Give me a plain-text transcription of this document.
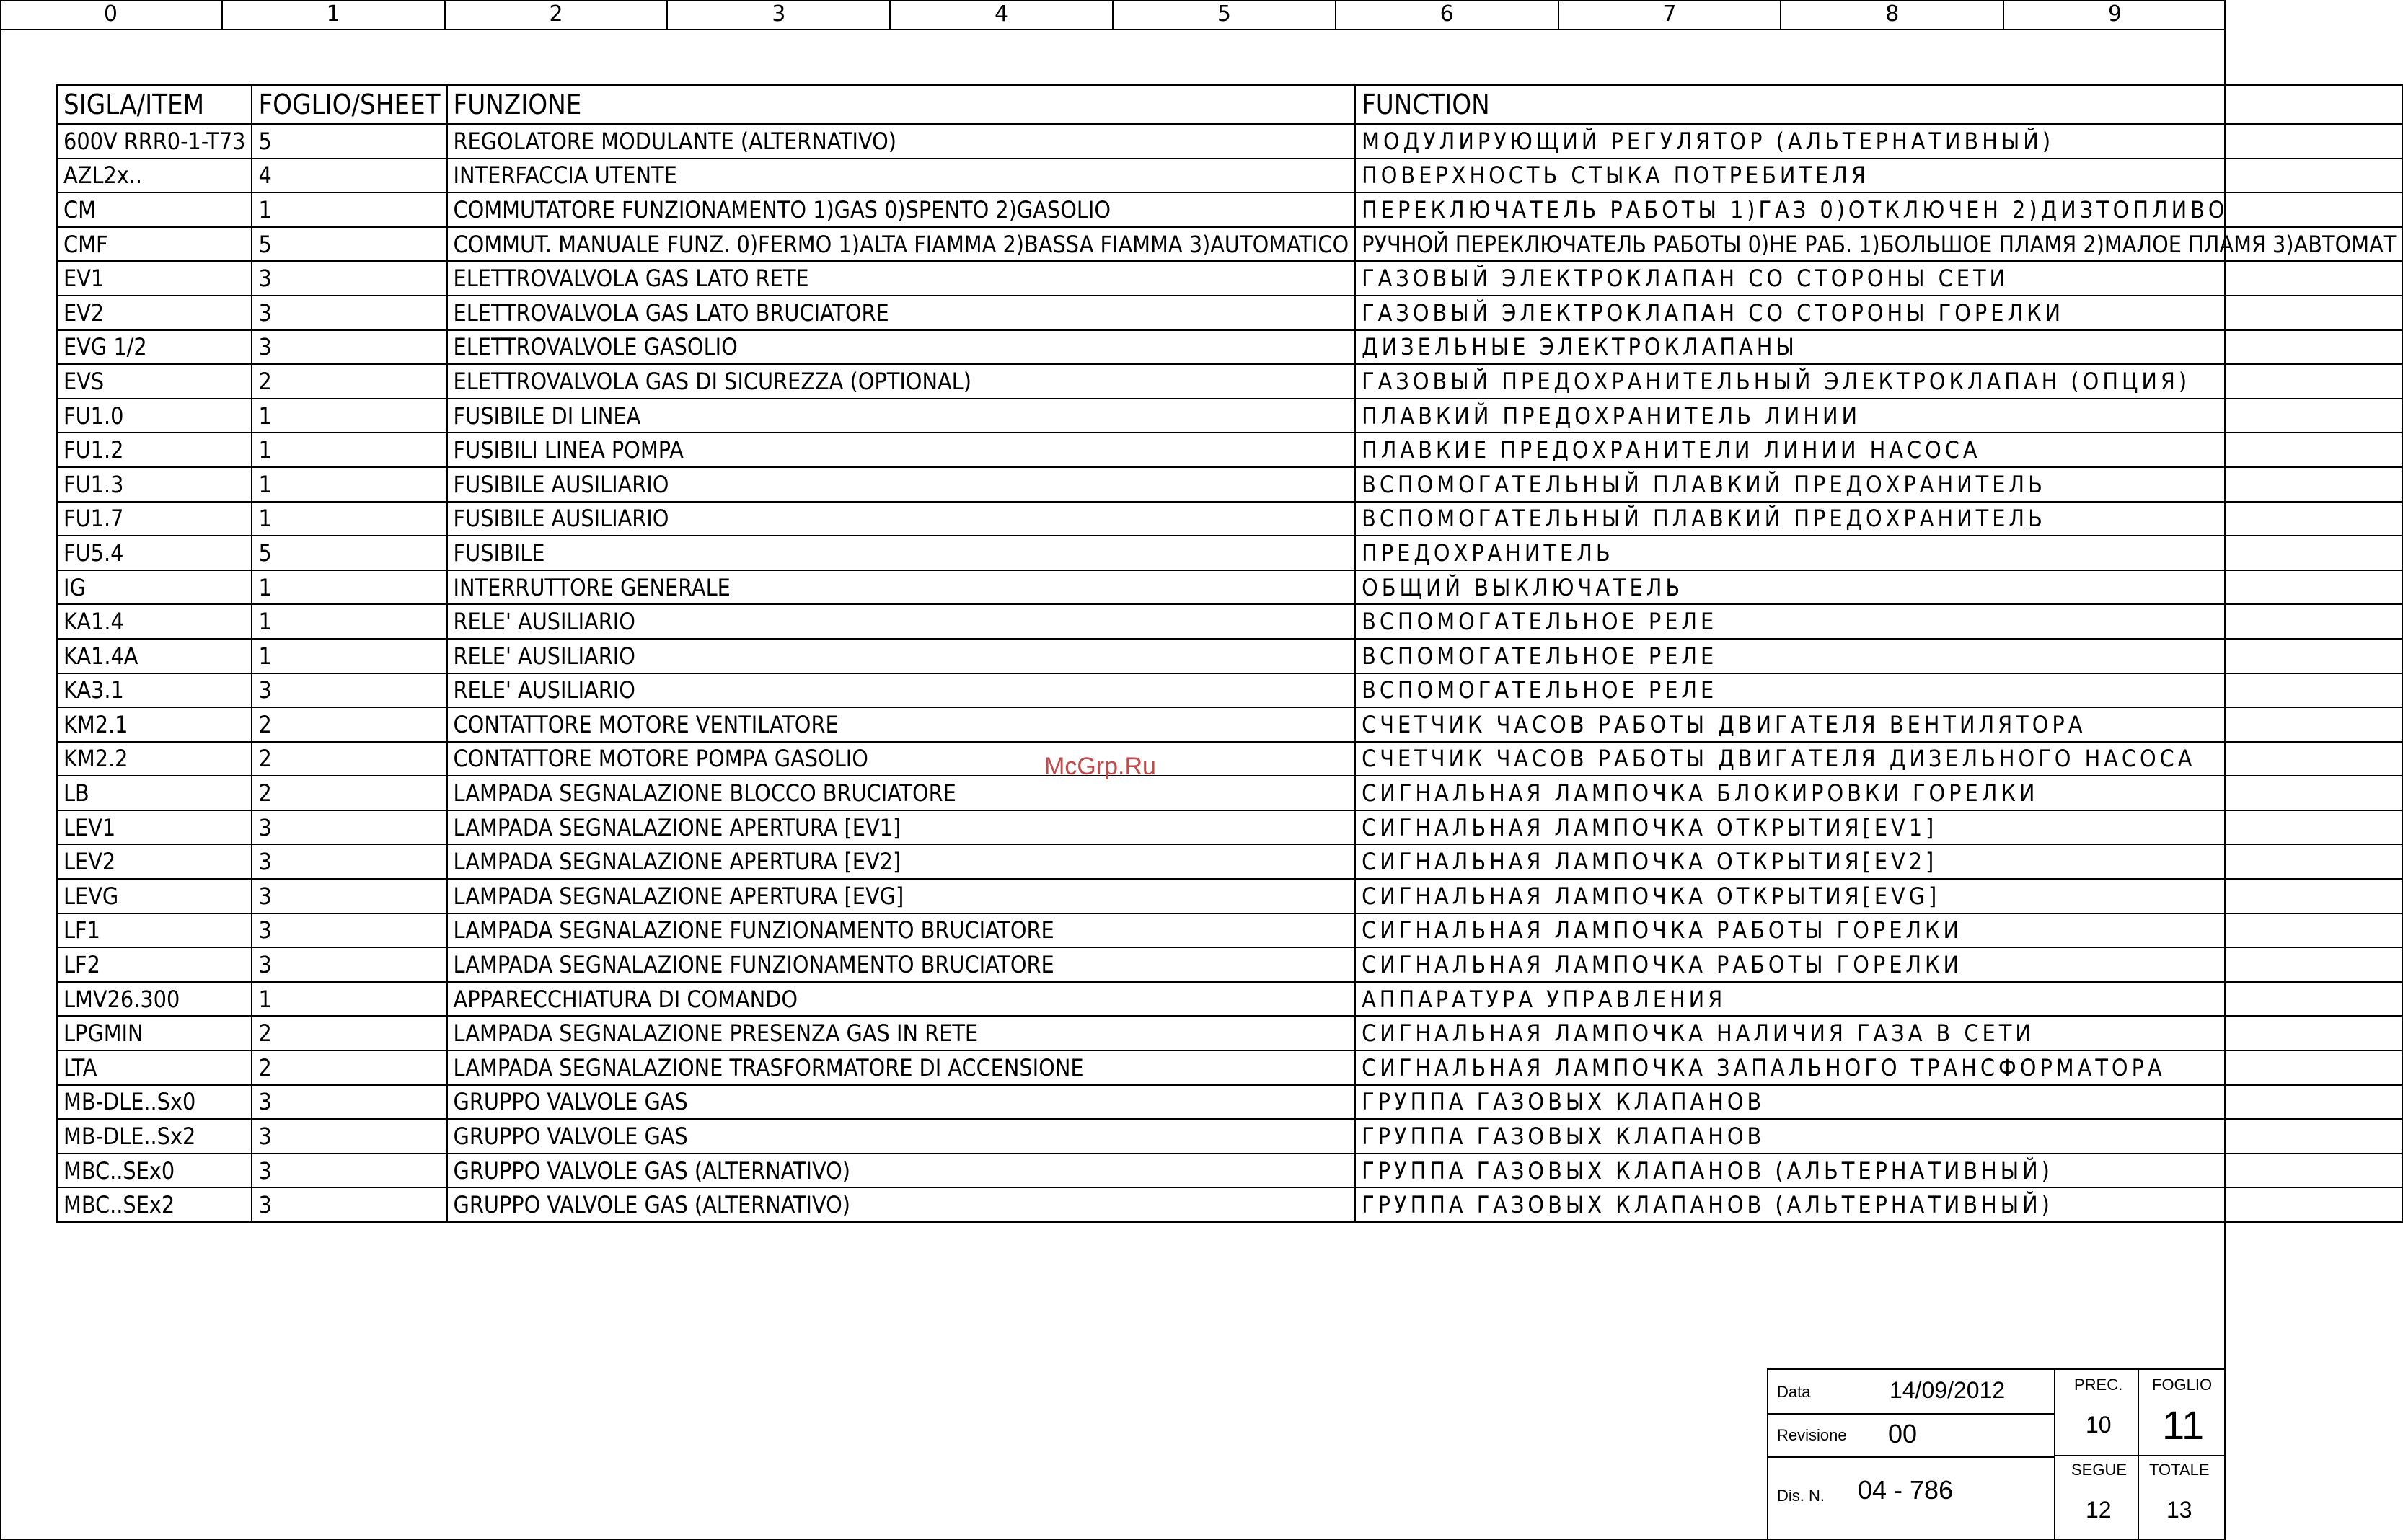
0	1	2	3	4	5	6	7	8	9
SIGLA/ITEM	FOGLIO/SHEET	FUNZIONE	FUNCTION
600V RRR0-1-T73	5	REGOLATORE MODULANTE (ALTERNATIVO)	МОДУЛИРУЮЩИЙ РЕГУЛЯТОР (АЛЬТЕРНАТИВНЫЙ)
AZL2x..	4	INTERFACCIA UTENTE	ПОВЕРХНОСТЬ СТЫКА ПОТРЕБИТЕЛЯ
CM	1	COMMUTATORE FUNZIONAMENTO 1)GAS 0)SPENTO 2)GASOLIO	ПЕРЕКЛЮЧАТЕЛЬ РАБОТЫ 1)ГАЗ 0)ОТКЛЮЧЕН 2)ДИЗТОПЛИВО
CMF	5	COMMUT. MANUALE FUNZ. 0)FERMO 1)ALTA FIAMMA 2)BASSA FIAMMA 3)AUTOMATICO	РУЧНОЙ ПЕРЕКЛЮЧАТЕЛЬ РАБОТЫ 0)НЕ РАБ. 1)БОЛЬШОЕ ПЛАМЯ 2)МАЛОЕ ПЛАМЯ 3)АВТОМАТ
EV1	3	ELETTROVALVOLA GAS LATO RETE	ГАЗОВЫЙ ЭЛЕКТРОКЛАПАН СО СТОРОНЫ СЕТИ
EV2	3	ELETTROVALVOLA GAS LATO BRUCIATORE	ГАЗОВЫЙ ЭЛЕКТРОКЛАПАН СО СТОРОНЫ ГОРЕЛКИ
EVG 1/2	3	ELETTROVALVOLE GASOLIO	ДИЗЕЛЬНЫЕ ЭЛЕКТРОКЛАПАНЫ
EVS	2	ELETTROVALVOLA GAS DI SICUREZZA (OPTIONAL)	ГАЗОВЫЙ ПРЕДОХРАНИТЕЛЬНЫЙ ЭЛЕКТРОКЛАПАН (ОПЦИЯ)
FU1.0	1	FUSIBILE DI LINEA	ПЛАВКИЙ ПРЕДОХРАНИТЕЛЬ ЛИНИИ
FU1.2	1	FUSIBILI LINEA POMPA	ПЛАВКИЕ ПРЕДОХРАНИТЕЛИ ЛИНИИ НАСОСА
FU1.3	1	FUSIBILE AUSILIARIO	ВСПОМОГАТЕЛЬНЫЙ ПЛАВКИЙ ПРЕДОХРАНИТЕЛЬ
FU1.7	1	FUSIBILE AUSILIARIO	ВСПОМОГАТЕЛЬНЫЙ ПЛАВКИЙ ПРЕДОХРАНИТЕЛЬ
FU5.4	5	FUSIBILE	ПРЕДОХРАНИТЕЛЬ
IG	1	INTERRUTTORE GENERALE	ОБЩИЙ ВЫКЛЮЧАТЕЛЬ
KA1.4	1	RELE' AUSILIARIO	ВСПОМОГАТЕЛЬНОЕ РЕЛЕ
KA1.4A	1	RELE' AUSILIARIO	ВСПОМОГАТЕЛЬНОЕ РЕЛЕ
KA3.1	3	RELE' AUSILIARIO	ВСПОМОГАТЕЛЬНОЕ РЕЛЕ
KM2.1	2	CONTATTORE MOTORE VENTILATORE	СЧЕТЧИК ЧАСОВ РАБОТЫ ДВИГАТЕЛЯ ВЕНТИЛЯТОРА
KM2.2	2	CONTATTORE MOTORE POMPA GASOLIO	СЧЕТЧИК ЧАСОВ РАБОТЫ ДВИГАТЕЛЯ ДИЗЕЛЬНОГО НАСОСА
LB	2	LAMPADA SEGNALAZIONE BLOCCO BRUCIATORE	СИГНАЛЬНАЯ ЛАМПОЧКА БЛОКИРОВКИ ГОРЕЛКИ
LEV1	3	LAMPADA SEGNALAZIONE APERTURA [EV1]	СИГНАЛЬНАЯ ЛАМПОЧКА ОТКРЫТИЯ[EV1]
LEV2	3	LAMPADA SEGNALAZIONE APERTURA [EV2]	СИГНАЛЬНАЯ ЛАМПОЧКА ОТКРЫТИЯ[EV2]
LEVG	3	LAMPADA SEGNALAZIONE APERTURA [EVG]	СИГНАЛЬНАЯ ЛАМПОЧКА ОТКРЫТИЯ[EVG]
LF1	3	LAMPADA SEGNALAZIONE FUNZIONAMENTO BRUCIATORE	СИГНАЛЬНАЯ ЛАМПОЧКА РАБОТЫ ГОРЕЛКИ
LF2	3	LAMPADA SEGNALAZIONE FUNZIONAMENTO BRUCIATORE	СИГНАЛЬНАЯ ЛАМПОЧКА РАБОТЫ ГОРЕЛКИ
LMV26.300	1	APPARECCHIATURA DI COMANDO	АППАРАТУРА УПРАВЛЕНИЯ
LPGMIN	2	LAMPADA SEGNALAZIONE PRESENZA GAS IN RETE	СИГНАЛЬНАЯ ЛАМПОЧКА НАЛИЧИЯ ГАЗА В СЕТИ
LTA	2	LAMPADA SEGNALAZIONE TRASFORMATORE DI ACCENSIONE	СИГНАЛЬНАЯ ЛАМПОЧКА ЗАПАЛЬНОГО ТРАНСФОРМАТОРА
MB-DLE..Sx0	3	GRUPPO VALVOLE GAS	ГРУППА ГАЗОВЫХ КЛАПАНОВ
MB-DLE..Sx2	3	GRUPPO VALVOLE GAS	ГРУППА ГАЗОВЫХ КЛАПАНОВ
MBC..SEx0	3	GRUPPO VALVOLE GAS (ALTERNATIVO)	ГРУППА ГАЗОВЫХ КЛАПАНОВ (АЛЬТЕРНАТИВНЫЙ)
MBC..SEx2	3	GRUPPO VALVOLE GAS (ALTERNATIVO)	ГРУППА ГАЗОВЫХ КЛАПАНОВ (АЛЬТЕРНАТИВНЫЙ)
McGrp.Ru
Data	14/09/2012
Revisione 00
Dis. N. 04 - 786
PREC.
10
FOGLIO
11
SEGUE
12
TOTALE
13
